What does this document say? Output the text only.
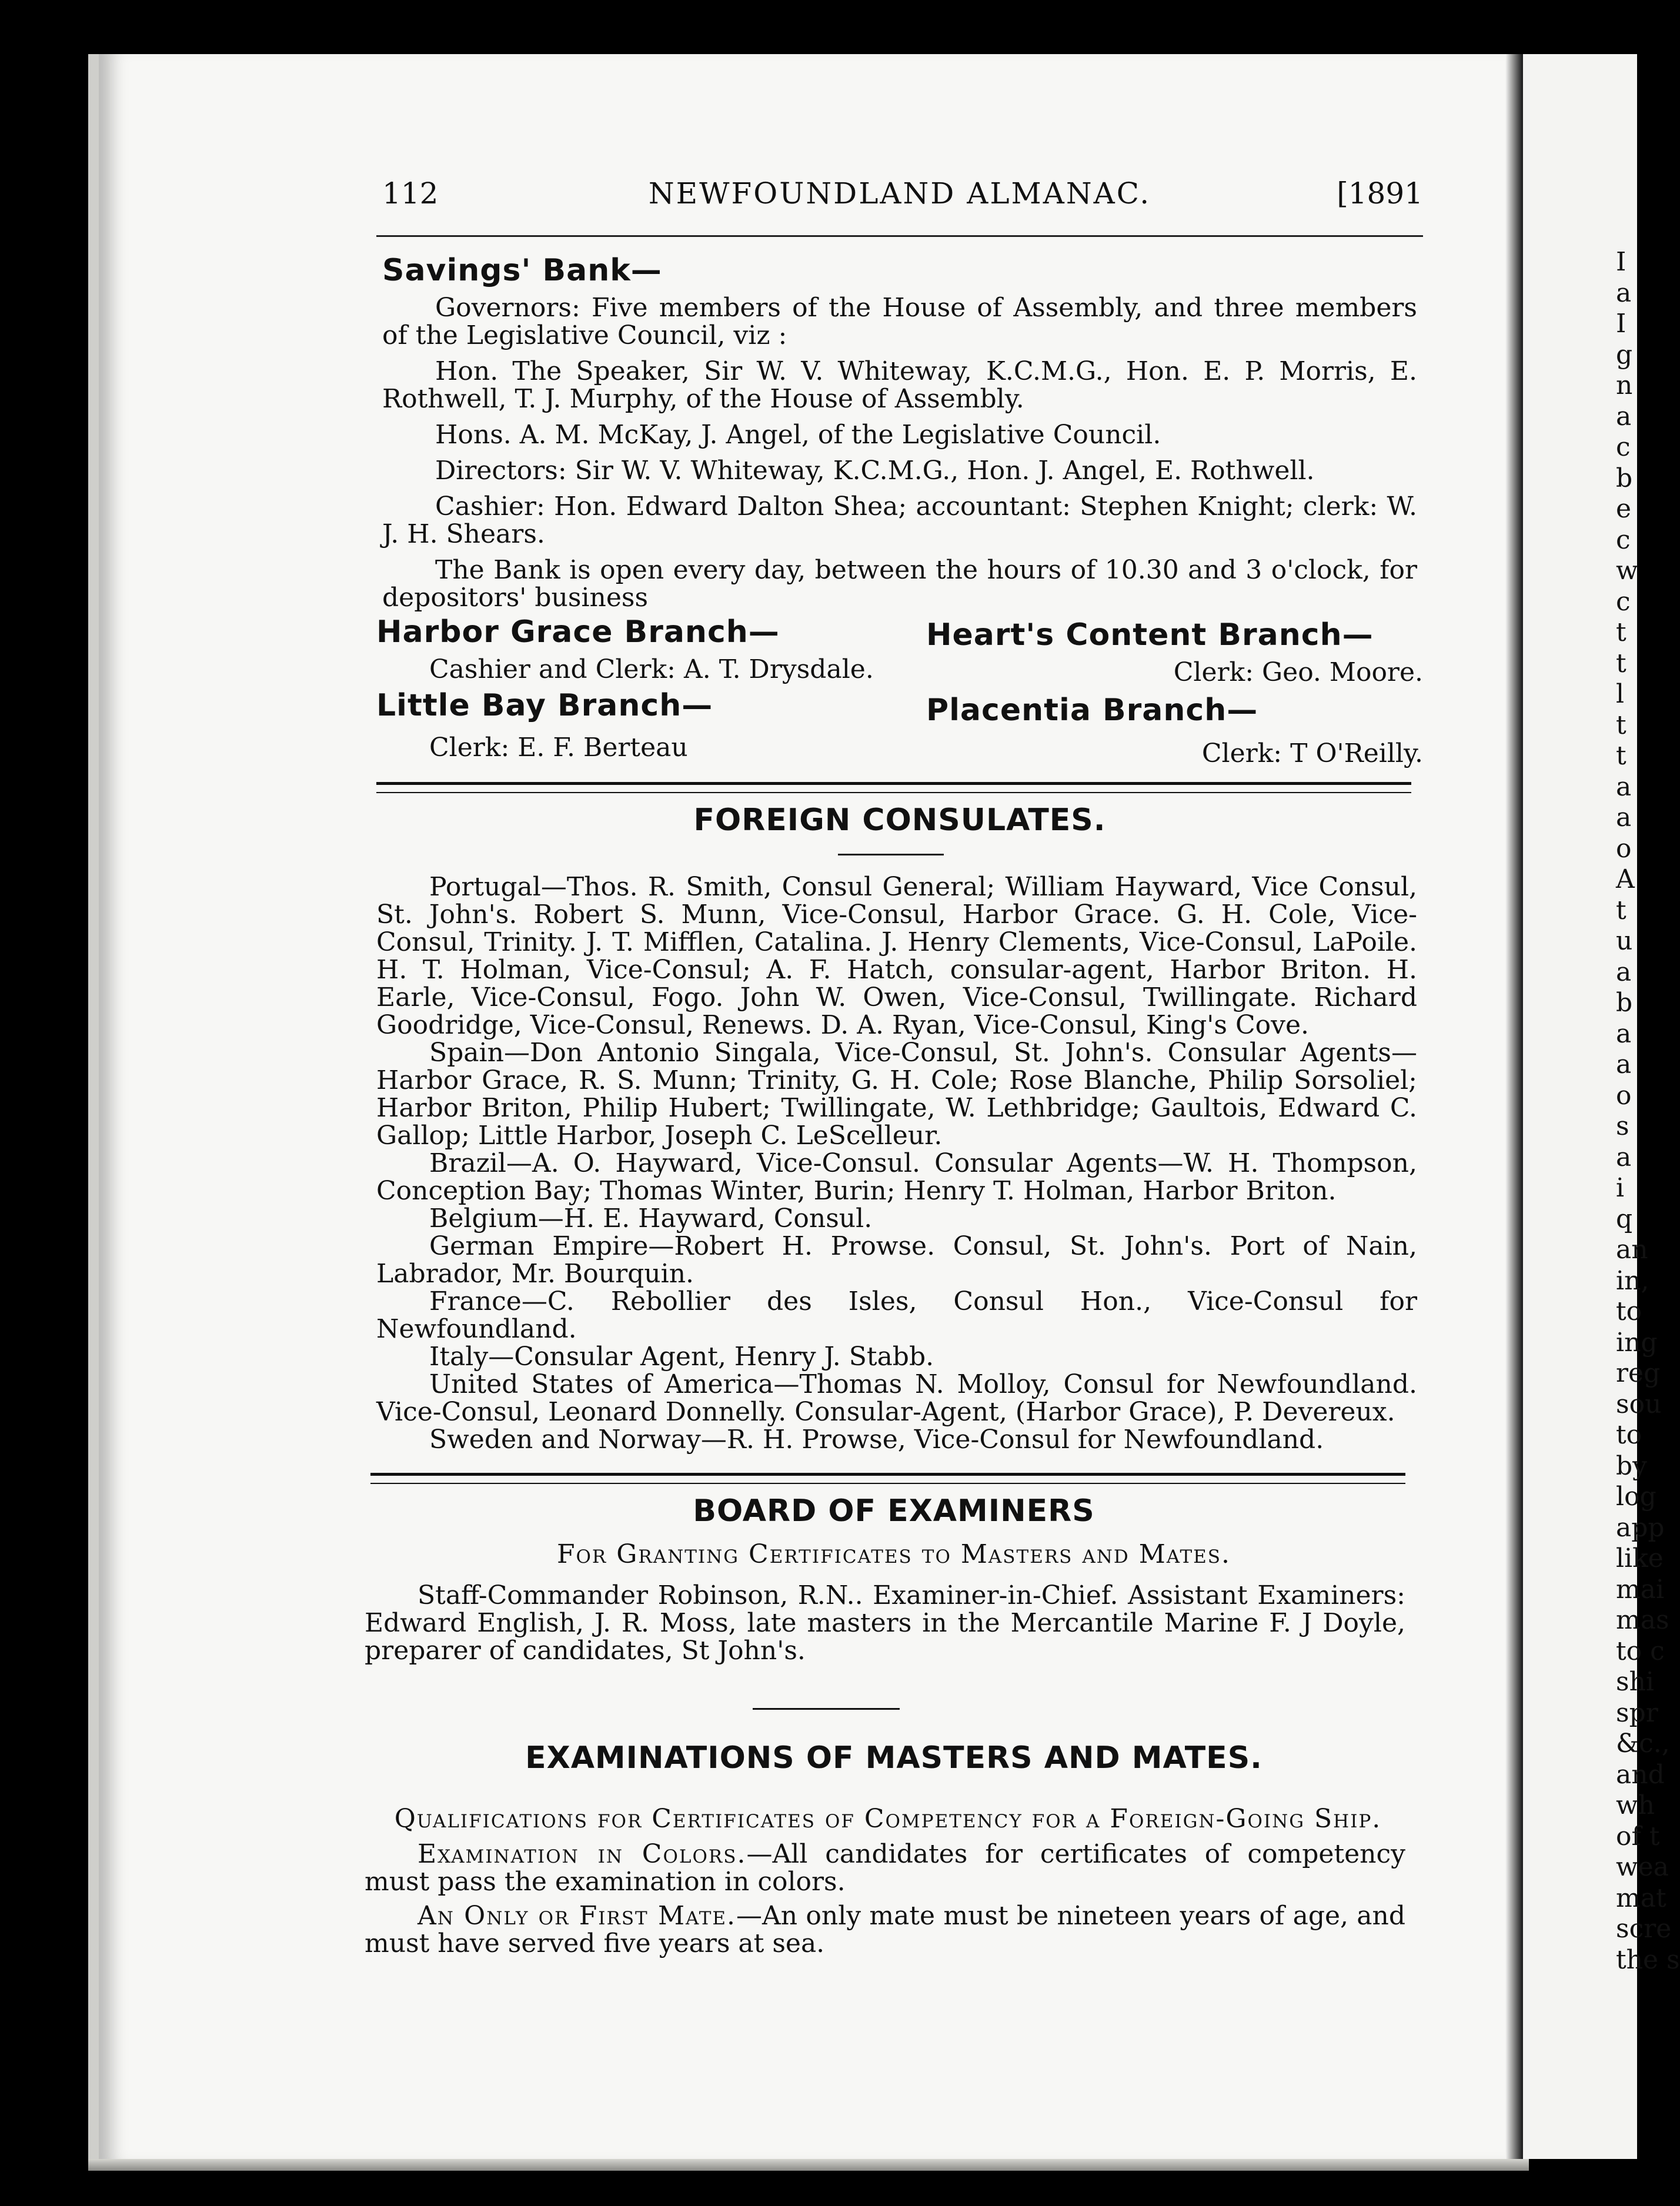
I
a
I
g
n
a
c
b
e
c
w
c
t
t
l
t
t
a
a
o
A
t
u
a
b
a
a
o
s
a
i
q
an
in,
to
ing
reg
sou
to
by
log
app
like
mai
mas
to c
shi
spr
&c.,
and
wh
of t
wea
mat
scre
the s
112	NEWFOUNDLAND ALMANAC.	[1891
Savings' Bank—

Governors: Five members of the House of Assembly, and three members of the Legislative Council, viz :

Hon. The Speaker, Sir W. V. Whiteway, K.C.M.G., Hon. E. P. Morris, E. Rothwell, T. J. Murphy, of the House of Assembly.

Hons. A. M. McKay, J. Angel, of the Legislative Council.

Directors: Sir W. V. Whiteway, K.C.M.G., Hon. J. Angel, E. Rothwell.

Cashier: Hon. Edward Dalton Shea; accountant: Stephen Knight; clerk: W. J. H. Shears.

The Bank is open every day, between the hours of 10.30 and 3 o'clock, for depositors' business

Harbor Grace Branch—
Cashier and Clerk: A. T. Drysdale.
Heart's Content Branch—
Clerk: Geo. Moore.
Little Bay Branch—
Clerk: E. F. Berteau
Placentia Branch—
Clerk: T O'Reilly.
FOREIGN CONSULATES.

Portugal—Thos. R. Smith, Consul General; William Hayward, Vice Consul, St. John's. Robert S. Munn, Vice-Consul, Harbor Grace. G. H. Cole, Vice-Consul, Trinity. J. T. Mifflen, Catalina. J. Henry Clements, Vice-Consul, LaPoile. H. T. Holman, Vice-Consul; A. F. Hatch, consular-agent, Harbor Briton. H. Earle, Vice-Consul, Fogo. John W. Owen, Vice-Consul, Twillingate. Richard Goodridge, Vice-Consul, Renews. D. A. Ryan, Vice-Consul, King's Cove.

Spain—Don Antonio Singala, Vice-Consul, St. John's. Consular Agents—Harbor Grace, R. S. Munn; Trinity, G. H. Cole; Rose Blanche, Philip Sorsoliel; Harbor Briton, Philip Hubert; Twillingate, W. Lethbridge; Gaultois, Edward C. Gallop; Little Harbor, Joseph C. LeScelleur.

Brazil—A. O. Hayward, Vice-Consul. Consular Agents—W. H. Thompson, Conception Bay; Thomas Winter, Burin; Henry T. Holman, Harbor Briton.

Belgium—H. E. Hayward, Consul.

German Empire—Robert H. Prowse. Consul, St. John's. Port of Nain, Labrador, Mr. Bourquin.

France—C. Rebollier des Isles, Consul Hon., Vice-Consul for Newfoundland.

Italy—Consular Agent, Henry J. Stabb.

United States of America—Thomas N. Molloy, Consul for Newfoundland. Vice-Consul, Leonard Donnelly. Consular-Agent, (Harbor Grace), P. Devereux.

Sweden and Norway—R. H. Prowse, Vice-Consul for Newfoundland.

BOARD OF EXAMINERS
For Granting Certificates to Masters and Mates.

Staff-Commander Robinson, R.N.. Examiner-in-Chief. Assistant Examiners: Edward English, J. R. Moss, late masters in the Mercantile Marine F. J Doyle, preparer of candidates, St John's.

EXAMINATIONS OF MASTERS AND MATES.
Qualifications for Certificates of Competency for a Foreign-Going Ship.

Examination in Colors.—All candidates for certificates of competency must pass the examination in colors.

An Only or First Mate.—An only mate must be nineteen years of age, and must have served five years at sea.
